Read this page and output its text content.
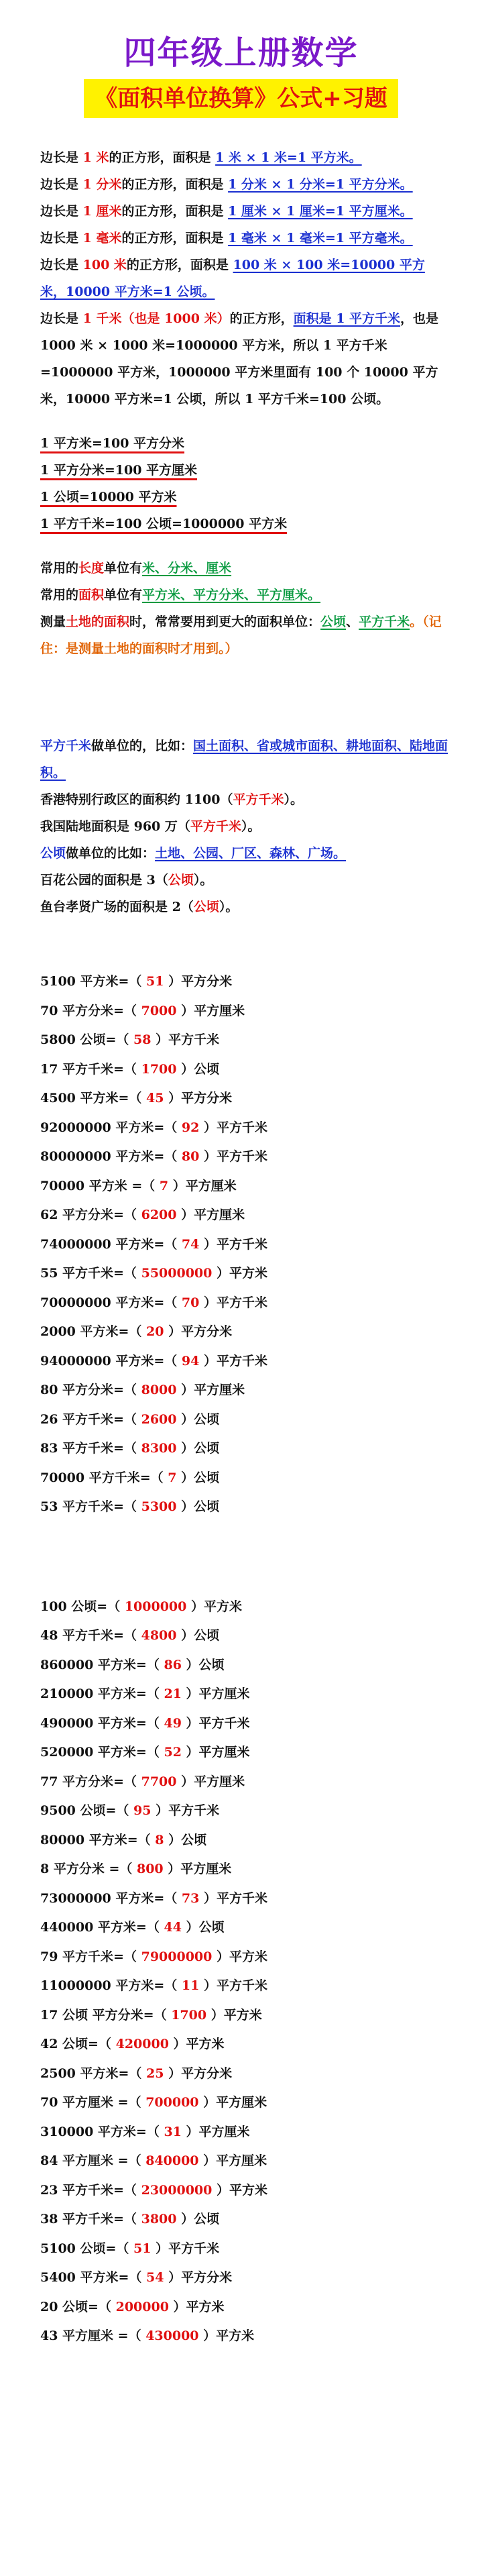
四年级上册数学
《面积单位换算》公式+习题

边长是 1 米的正方形，面积是 1 米 × 1 米=1 平方米。

边长是 1 分米的正方形，面积是 1 分米 × 1 分米=1 平方分米。

边长是 1 厘米的正方形，面积是 1 厘米 × 1 厘米=1 平方厘米。

边长是 1 毫米的正方形，面积是 1 毫米 × 1 毫米=1 平方毫米。

边长是 100 米的正方形，面积是 100 米 × 100 米=10000 平方米，10000 平方米=1 公顷。

边长是 1 千米（也是 1000 米）的正方形，面积是 1 平方千米，也是 1000 米 × 1000 米=1000000 平方米，所以 1 平方千米=1000000 平方米，1000000 平方米里面有 100 个 10000 平方米，10000 平方米=1 公顷，所以 1 平方千米=100 公顷。

1 平方米=100 平方分米

1 平方分米=100 平方厘米

1 公顷=10000 平方米

1 平方千米=100 公顷=1000000 平方米

常用的长度单位有米、分米、厘米

常用的面积单位有平方米、平方分米、平方厘米。

测量土地的面积时，常常要用到更大的面积单位：公顷、平方千米。（记住：是测量土地的面积时才用到。）

平方千米做单位的，比如：国土面积、省或城市面积、耕地面积、陆地面积。

香港特别行政区的面积约 1100（平方千米）。

我国陆地面积是 960 万（平方千米）。

公顷做单位的比如：土地、公园、厂区、森林、广场。

百花公园的面积是 3（公顷）。

鱼台孝贤广场的面积是 2（公顷）。

5100 平方米=（ 51 ）平方分米

70 平方分米=（ 7000 ）平方厘米

5800 公顷=（ 58 ）平方千米

17 平方千米=（ 1700 ）公顷

4500 平方米=（ 45 ）平方分米

92000000 平方米=（ 92 ）平方千米

80000000 平方米=（ 80 ）平方千米

70000 平方米 =（ 7 ）平方厘米

62 平方分米=（ 6200 ）平方厘米

74000000 平方米=（ 74 ）平方千米

55 平方千米=（ 55000000 ）平方米

70000000 平方米=（ 70 ）平方千米

2000 平方米=（ 20 ）平方分米

94000000 平方米=（ 94 ）平方千米

80 平方分米=（ 8000 ）平方厘米

26 平方千米=（ 2600 ）公顷

83 平方千米=（ 8300 ）公顷

70000 平方千米=（ 7 ）公顷

53 平方千米=（ 5300 ）公顷

100 公顷=（ 1000000 ）平方米

48 平方千米=（ 4800 ）公顷

860000 平方米=（ 86 ）公顷

210000 平方米=（ 21 ）平方厘米

490000 平方米=（ 49 ）平方千米

520000 平方米=（ 52 ）平方厘米

77 平方分米=（ 7700 ）平方厘米

9500 公顷=（ 95 ）平方千米

80000 平方米=（ 8 ）公顷

8 平方分米 =（ 800 ）平方厘米

73000000 平方米=（ 73 ）平方千米

440000 平方米=（ 44 ）公顷

79 平方千米=（ 79000000 ）平方米

11000000 平方米=（ 11 ）平方千米

17 公顷 平方分米=（ 1700 ）平方米

42 公顷=（ 420000 ）平方米

2500 平方米=（ 25 ）平方分米

70 平方厘米 =（ 700000 ）平方厘米

310000 平方米=（ 31 ）平方厘米

84 平方厘米 =（ 840000 ）平方厘米

23 平方千米=（ 23000000 ）平方米

38 平方千米=（ 3800 ）公顷

5100 公顷=（ 51 ）平方千米

5400 平方米=（ 54 ）平方分米

20 公顷=（ 200000 ）平方米

43 平方厘米 =（ 430000 ）平方米
